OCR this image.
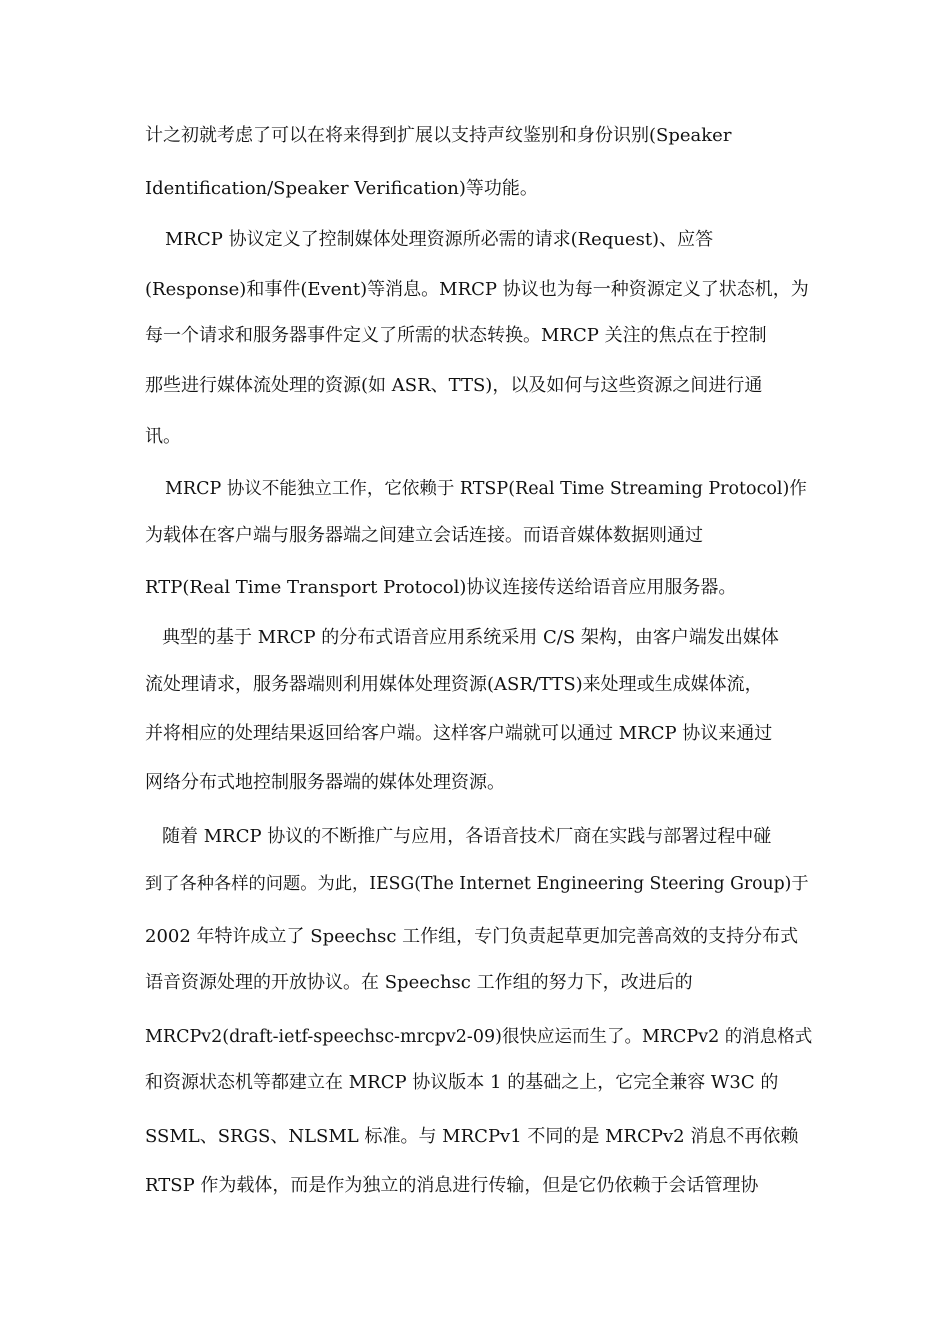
计之初就考虑了可以在将来得到扩展以支持声纹鉴别和身份识别(Speaker
Identification/Speaker Verification)等功能。
MRCP 协议定义了控制媒体处理资源所必需的请求(Request)、应答
(Response)和事件(Event)等消息。MRCP 协议也为每一种资源定义了状态机，为
每一个请求和服务器事件定义了所需的状态转换。MRCP 关注的焦点在于控制
那些进行媒体流处理的资源(如 ASR、TTS)，以及如何与这些资源之间进行通
讯。
MRCP 协议不能独立工作，它依赖于 RTSP(Real Time Streaming Protocol)作
为载体在客户端与服务器端之间建立会话连接。而语音媒体数据则通过
RTP(Real Time Transport Protocol)协议连接传送给语音应用服务器。
典型的基于 MRCP 的分布式语音应用系统采用 C/S 架构，由客户端发出媒体
流处理请求，服务器端则利用媒体处理资源(ASR/TTS)来处理或生成媒体流，
并将相应的处理结果返回给客户端。这样客户端就可以通过 MRCP 协议来通过
网络分布式地控制服务器端的媒体处理资源。
随着 MRCP 协议的不断推广与应用，各语音技术厂商在实践与部署过程中碰
到了各种各样的问题。为此，IESG(The Internet Engineering Steering Group)于
2002 年特许成立了 Speechsc 工作组，专门负责起草更加完善高效的支持分布式
语音资源处理的开放协议。在 Speechsc 工作组的努力下，改进后的
MRCPv2(draft-ietf-speechsc-mrcpv2-09)很快应运而生了。MRCPv2 的消息格式
和资源状态机等都建立在 MRCP 协议版本 1 的基础之上，它完全兼容 W3C 的
SSML、SRGS、NLSML 标准。与 MRCPv1 不同的是 MRCPv2 消息不再依赖
RTSP 作为载体，而是作为独立的消息进行传输，但是它仍依赖于会话管理协
